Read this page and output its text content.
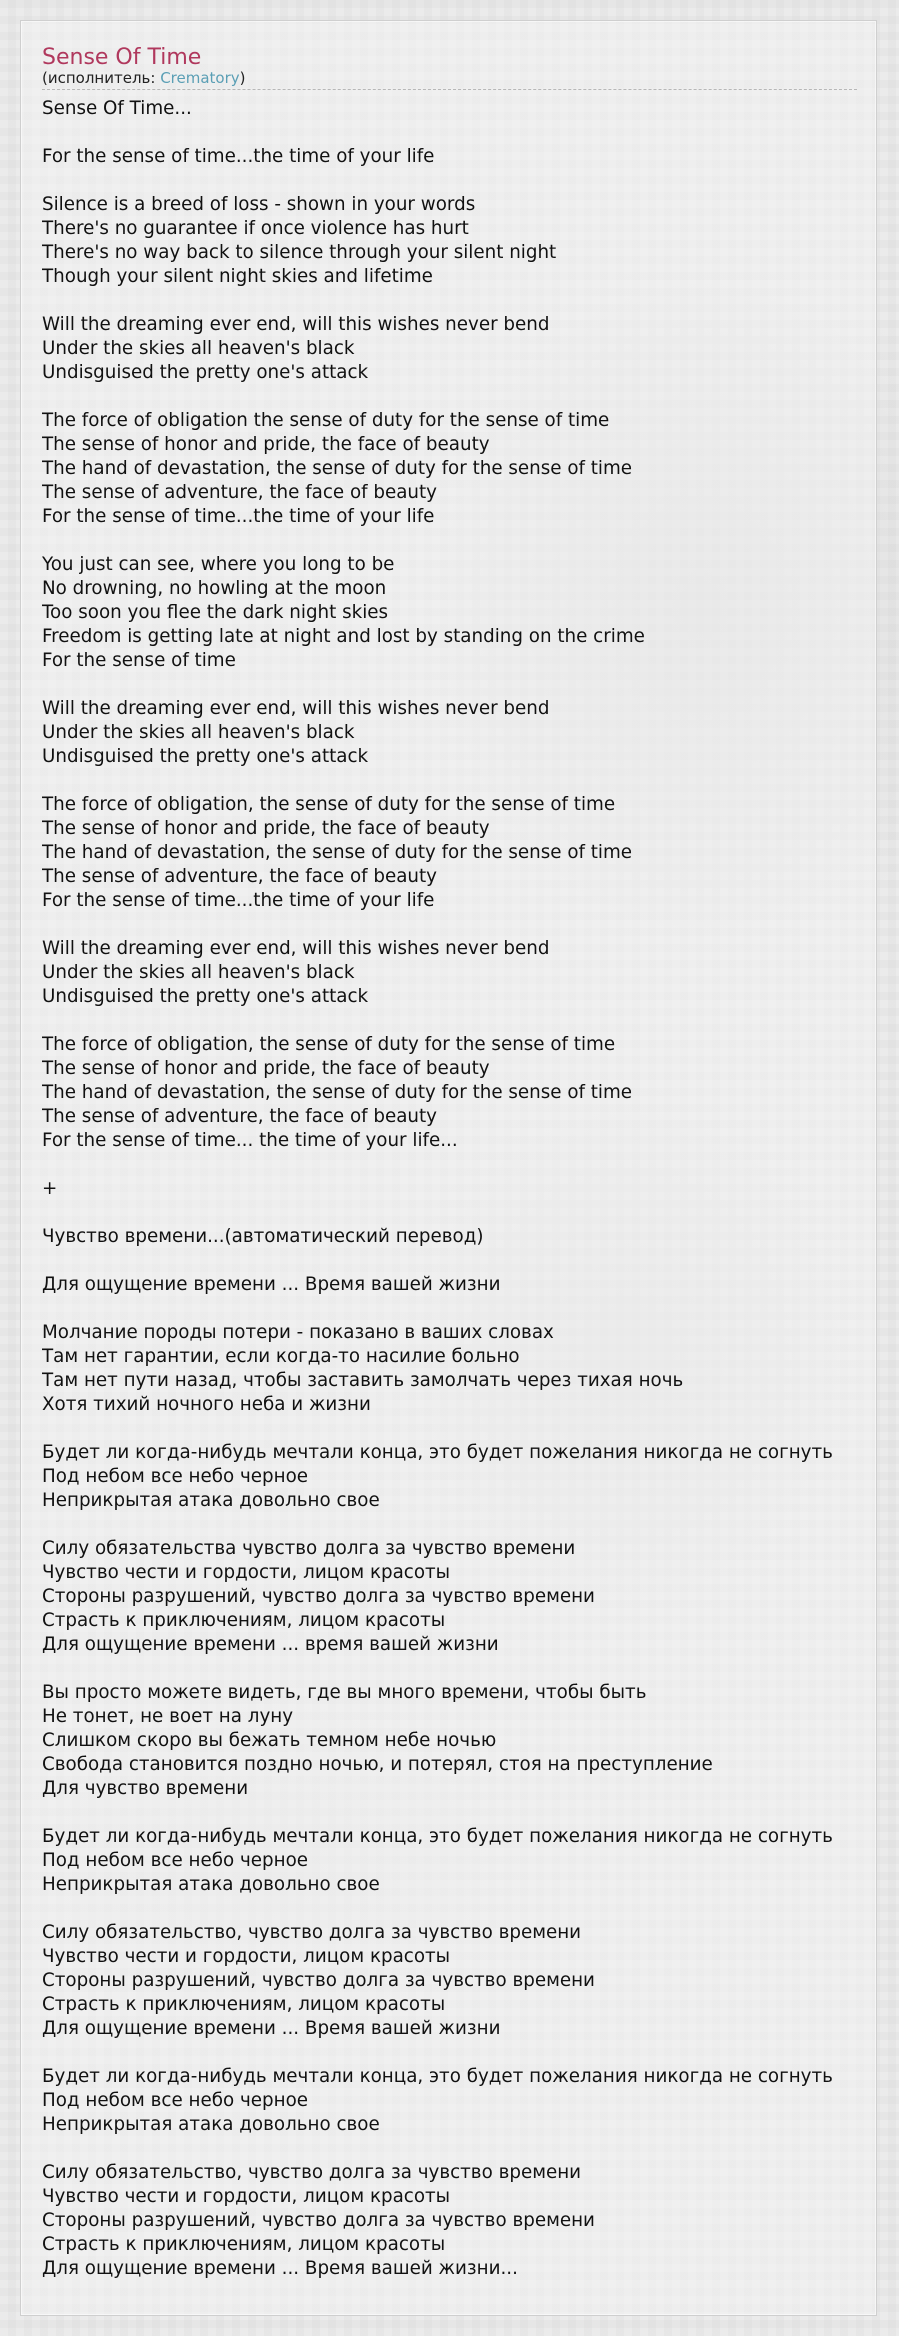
Sense Of Time
(исполнитель: Crematory)
Sense Of Time...

For the sense of time...the time of your life

Silence is a breed of loss - shown in your words
There's no guarantee if once violence has hurt
There's no way back to silence through your silent night
Though your silent night skies and lifetime

Will the dreaming ever end, will this wishes never bend
Under the skies all heaven's black
Undisguised the pretty one's attack

The force of obligation the sense of duty for the sense of time
The sense of honor and pride, the face of beauty
The hand of devastation, the sense of duty for the sense of time
The sense of adventure, the face of beauty
For the sense of time...the time of your life

You just can see, where you long to be
No drowning, no howling at the moon
Too soon you flee the dark night skies
Freedom is getting late at night and lost by standing on the crime
For the sense of time

Will the dreaming ever end, will this wishes never bend
Under the skies all heaven's black
Undisguised the pretty one's attack

The force of obligation, the sense of duty for the sense of time
The sense of honor and pride, the face of beauty
The hand of devastation, the sense of duty for the sense of time
The sense of adventure, the face of beauty
For the sense of time...the time of your life

Will the dreaming ever end, will this wishes never bend
Under the skies all heaven's black
Undisguised the pretty one's attack

The force of obligation, the sense of duty for the sense of time
The sense of honor and pride, the face of beauty
The hand of devastation, the sense of duty for the sense of time
The sense of adventure, the face of beauty
For the sense of time... the time of your life...

+

Чувство времени...(автоматический перевод)

Для ощущение времени ... Время вашей жизни

Молчание породы потери - показано в ваших словах
Там нет гарантии, если когда-то насилие больно
Там нет пути назад, чтобы заставить замолчать через тихая ночь
Хотя тихий ночного неба и жизни

Будет ли когда-нибудь мечтали конца, это будет пожелания никогда не согнуть
Под небом все небо черное
Неприкрытая атака довольно свое

Силу обязательства чувство долга за чувство времени
Чувство чести и гордости, лицом красоты
Стороны разрушений, чувство долга за чувство времени
Страсть к приключениям, лицом красоты
Для ощущение времени ... время вашей жизни

Вы просто можете видеть, где вы много времени, чтобы быть
Не тонет, не воет на луну
Слишком скоро вы бежать темном небе ночью
Свобода становится поздно ночью, и потерял, стоя на преступление
Для чувство времени

Будет ли когда-нибудь мечтали конца, это будет пожелания никогда не согнуть
Под небом все небо черное
Неприкрытая атака довольно свое

Силу обязательство, чувство долга за чувство времени
Чувство чести и гордости, лицом красоты
Стороны разрушений, чувство долга за чувство времени
Страсть к приключениям, лицом красоты
Для ощущение времени ... Время вашей жизни

Будет ли когда-нибудь мечтали конца, это будет пожелания никогда не согнуть
Под небом все небо черное
Неприкрытая атака довольно свое

Силу обязательство, чувство долга за чувство времени
Чувство чести и гордости, лицом красоты
Стороны разрушений, чувство долга за чувство времени
Страсть к приключениям, лицом красоты
Для ощущение времени ... Время вашей жизни...
